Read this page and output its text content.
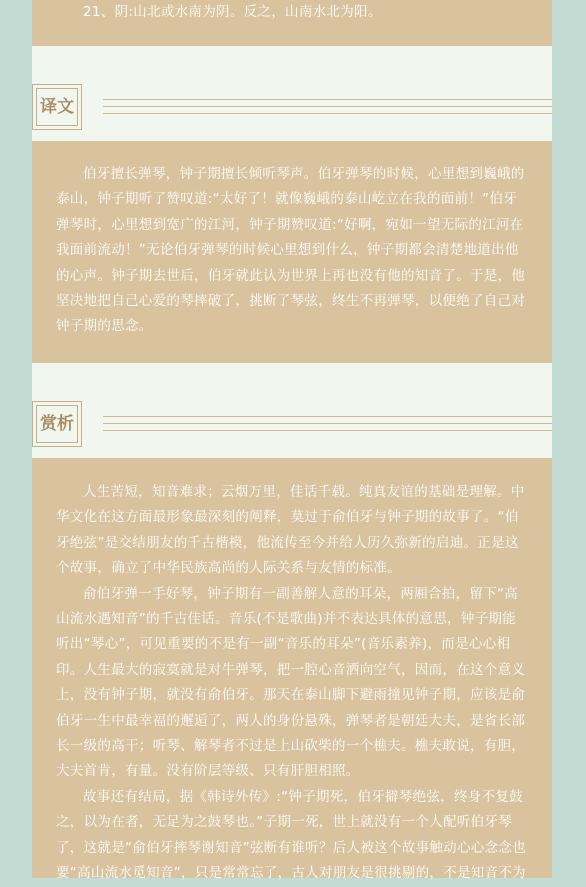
21、阴:山北或水南为阴。反之，山南水北为阳。

译文

伯牙擅长弹琴，钟子期擅长倾听琴声。伯牙弹琴的时候，心里想到巍峨的泰山，钟子期听了赞叹道:“太好了！就像巍峨的泰山屹立在我的面前！”伯牙弹琴时，心里想到宽广的江河，钟子期赞叹道:“好啊，宛如一望无际的江河在我面前流动！”无论伯牙弹琴的时候心里想到什么，钟子期都会清楚地道出他的心声。钟子期去世后，伯牙就此认为世界上再也没有他的知音了。于是，他坚决地把自己心爱的琴摔破了，挑断了琴弦，终生不再弹琴，以便绝了自己对钟子期的思念。

赏析

人生苦短，知音难求；云烟万里，佳话千载。纯真友谊的基础是理解。中华文化在这方面最形象最深刻的阐释，莫过于俞伯牙与钟子期的故事了。“伯牙绝弦”是交结朋友的千古楷模，他流传至今并给人历久弥新的启迪。正是这个故事，确立了中华民族高尚的人际关系与友情的标准。

俞伯牙弹一手好琴，钟子期有一副善解人意的耳朵，两厢合拍，留下“高山流水遇知音”的千古佳话。音乐(不是歌曲)并不表达具体的意思，钟子期能听出“琴心”，可见重要的不是有一副“音乐的耳朵”(音乐素养)，而是心心相印。人生最大的寂寞就是对牛弹琴，把一腔心音洒向空气，因而，在这个意义上，没有钟子期，就没有俞伯牙。那天在泰山脚下避雨撞见钟子期，应该是俞伯牙一生中最幸福的邂逅了，两人的身份悬殊，弹琴者是朝廷大夫，是省长部长一级的高干；听琴、解琴者不过是上山砍柴的一个樵夫。樵夫敢说，有胆，大夫首肯，有量。没有阶层等级、只有肝胆相照。

故事还有结局，据《韩诗外传》:“钟子期死，伯牙擗琴绝弦，终身不复鼓之，以为在者，无足为之鼓琴也。”子期一死，世上就没有一个人配听伯牙琴了，这就是“俞伯牙摔琴谢知音”弦断有谁听？后人被这个故事触动心心念念也要“高山流水觅知音”，只是常常忘了，古人对朋友是很挑剔的，不是知音不为
